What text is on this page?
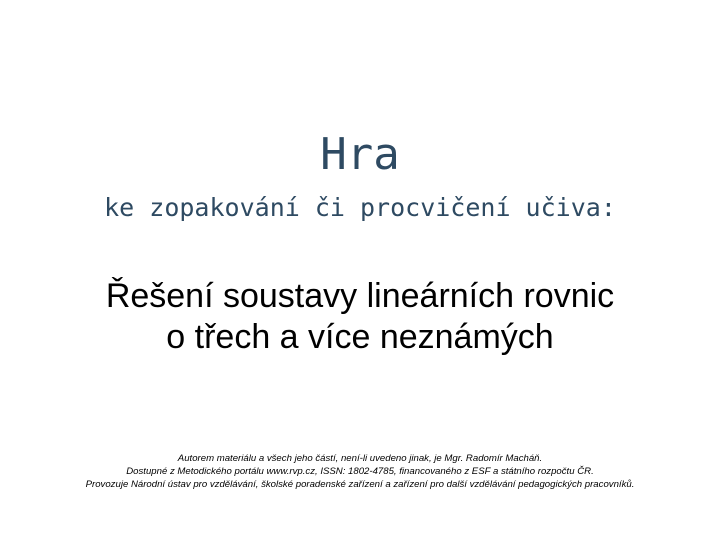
Hra
ke zopakování či procvičení učiva:
Řešení soustavy lineárních rovnic
o třech a více neznámých
Autorem materiálu a všech jeho částí, není-li uvedeno jinak, je Mgr. Radomír Macháň.
Dostupné z Metodického portálu www.rvp.cz, ISSN: 1802-4785, financovaného z ESF a státního rozpočtu ČR.
Provozuje Národní ústav pro vzdělávání, školské poradenské zařízení a zařízení pro další vzdělávání pedagogických pracovníků.
